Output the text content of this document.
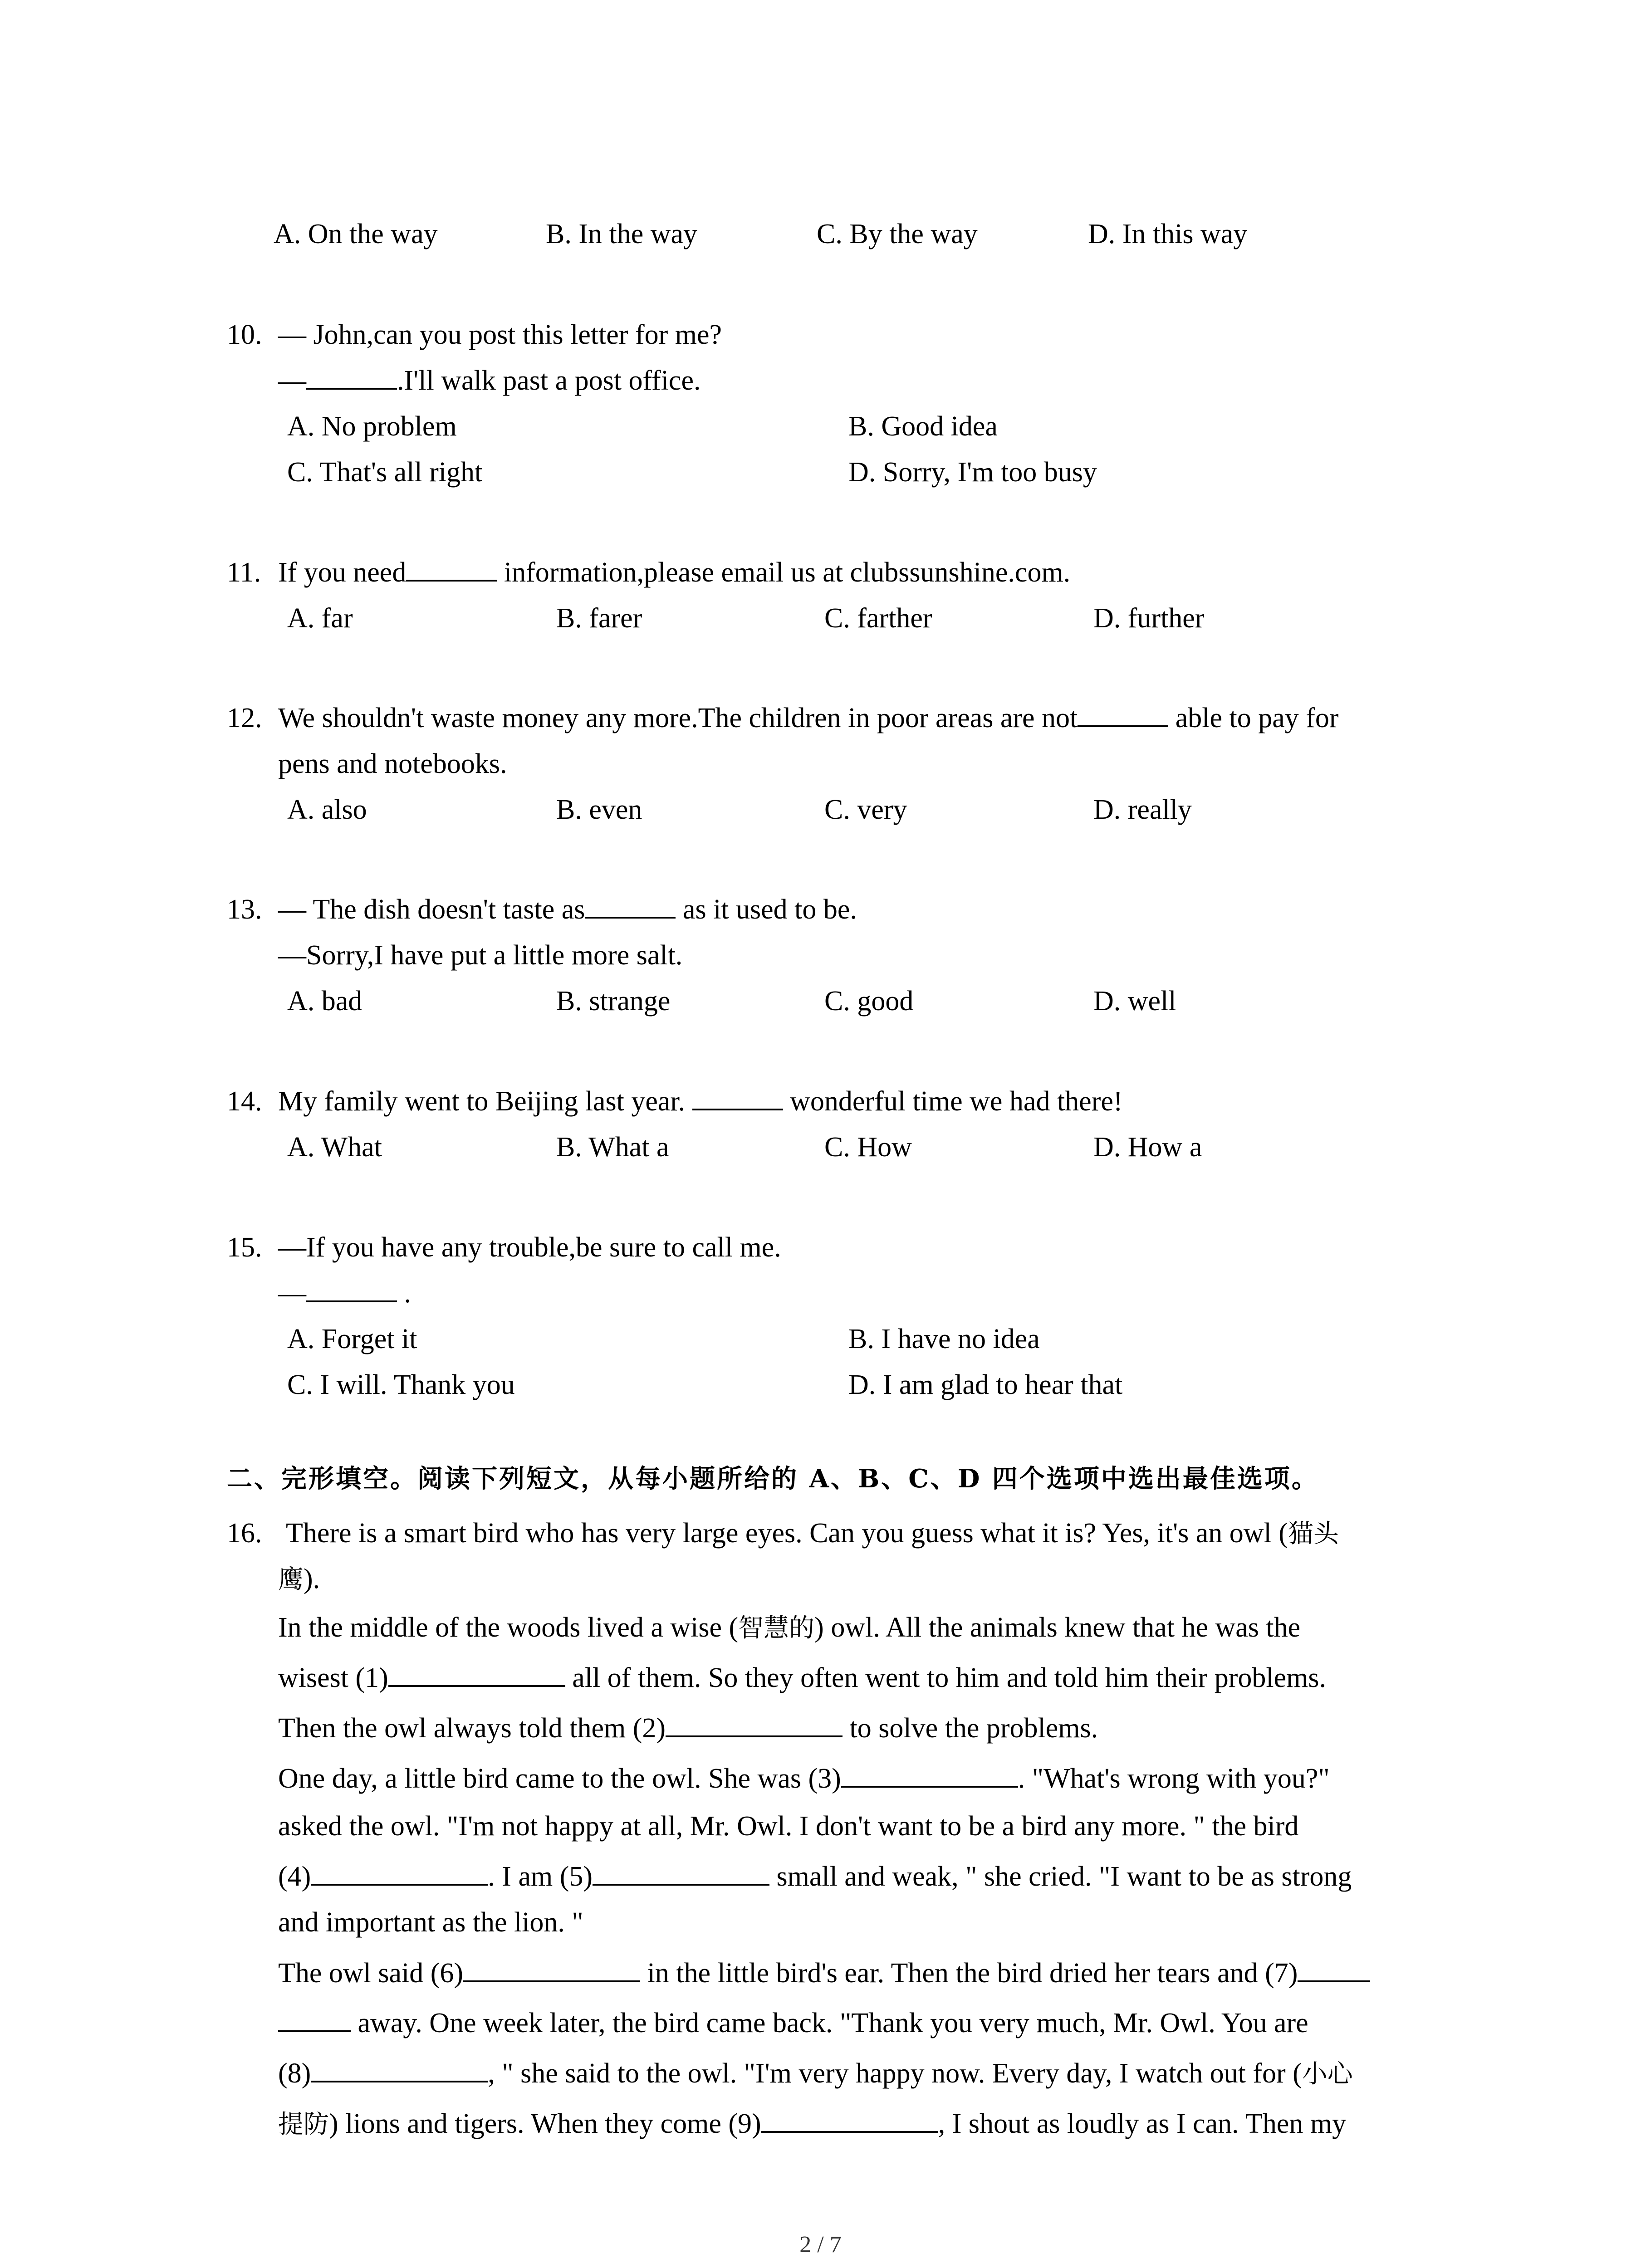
A. On the way	B. In the way	C. By the way	D. In this way
10. — John,can you post this letter for me?
—	.I'll walk past a post office.
A. No problem	B. Good idea
C. That's all right	D. Sorry, I'm too busy
11. If you need	information,please email us at clubssunshine.com.
A. far	B. farer	C. farther	D. further
12. We shouldn't waste money any more.The children in poor areas are not	able to pay for
pens and notebooks.
A. also	B. even	C. very	D. really
13. — The dish doesn't taste as	as it used to be.
—Sorry,I have put a little more salt.
A. bad	B. strange	C. good	D. well
14. My family went to Beijing last year.	wonderful time we had there!
A. What	B. What a	C. How	D. How a
15. —If you have any trouble,be sure to call me.
—	.
A. Forget it	B. I have no idea
C. I will. Thank you	D. I am glad to hear that
二、完形填空。阅读下列短文，从每小题所给的 A、B、C、D 四个选项中选出最佳选项。
16. There is a smart bird who has very large eyes. Can you guess what it is? Yes, it's an owl (猫头
鹰).
In the middle of the woods lived a wise (智慧的) owl. All the animals knew that he was the
wisest (1)	all of them. So they often went to him and told him their problems.
Then the owl always told them (2)	to solve the problems.
One day, a little bird came to the owl. She was (3)	. "What's wrong with you?"
asked the owl. "I'm not happy at all, Mr. Owl. I don't want to be a bird any more. " the bird
(4)	. I am (5)	small and weak, " she cried. "I want to be as strong
and important as the lion. "
The owl said (6)	in the little bird's ear. Then the bird dried her tears and (7)
away. One week later, the bird came back. "Thank you very much, Mr. Owl. You are
(8)	, " she said to the owl. "I'm very happy now. Every day, I watch out for (小心
提防) lions and tigers. When they come (9)	, I shout as loudly as I can. Then my
2 / 7
